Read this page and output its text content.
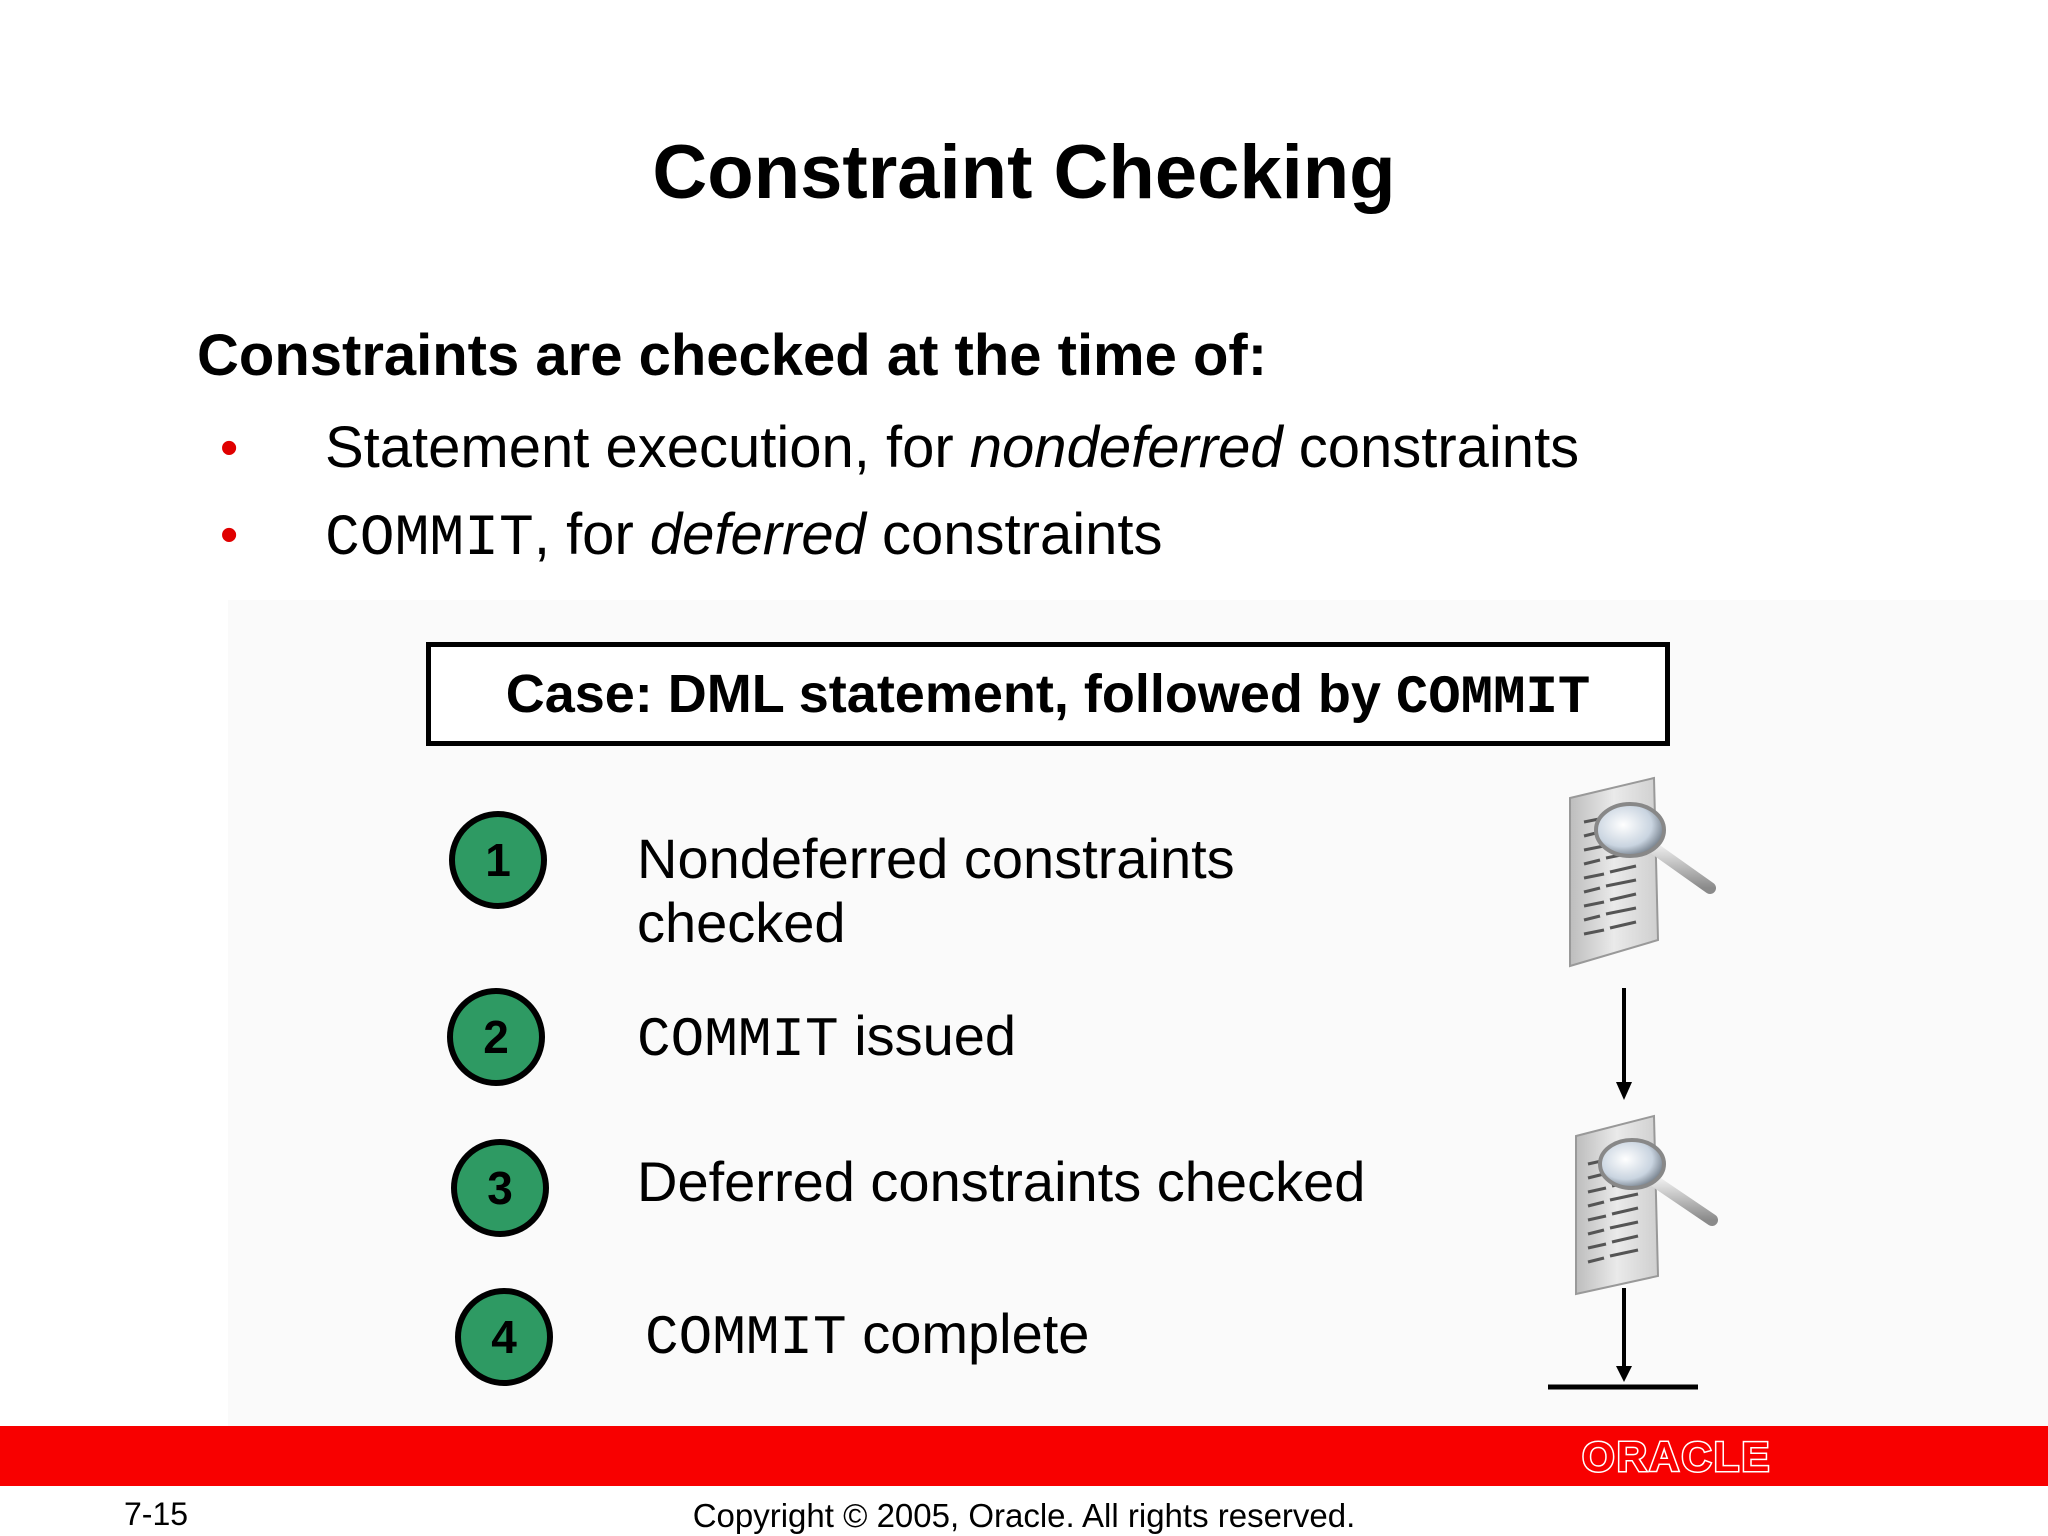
Constraint Checking
Constraints are checked at the time of:
• Statement execution, for nondeferred constraints
• COMMIT, for deferred constraints
Case: DML statement, followed by COMMIT
1	Nondeferred constraints
checked
2	COMMIT issued
3	Deferred constraints checked
4	COMMIT complete
ORACLE
7-15	Copyright © 2005, Oracle. All rights reserved.
